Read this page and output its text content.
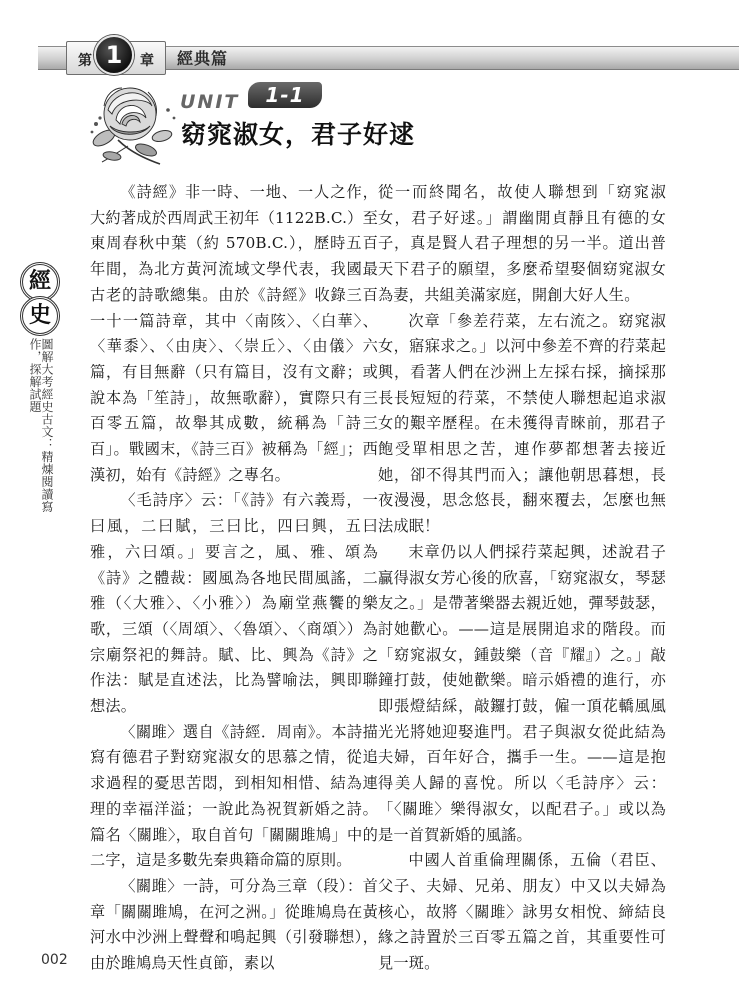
第	章
1	經典篇
UNIT	1-1
窈窕淑女，君子好逑
經
史
圖解大考經史古文：精煉閱讀寫作，探解試題

《詩經》非一時、一地、一人之作，大約著成於西周武王初年（1122B.C.）至東周春秋中葉（約 570B.C.），歷時五百年間，為北方黃河流域文學代表，我國最古老的詩歌總集。由於《詩經》收錄三百一十一篇詩章，其中〈南陔〉、〈白華〉、〈華黍〉、〈由庚〉、〈崇丘〉、〈由儀〉六篇，有目無辭（只有篇目，沒有文辭；或說本為「笙詩」，故無歌辭），實際只有三百零五篇，故舉其成數，統稱為「詩三百」。戰國末，《詩三百》被稱為「經」；西漢初，始有《詩經》之專名。

〈毛詩序〉云：「《詩》有六義焉，一曰風，二曰賦，三曰比，四曰興，五曰雅，六曰頌。」要言之，風、雅、頌為《詩》之體裁：國風為各地民間風謠，二雅（〈大雅〉、〈小雅〉）為廟堂燕饗的樂歌，三頌（〈周頌〉、〈魯頌〉、〈商頌〉）為宗廟祭祀的舞詩。賦、比、興為《詩》之作法：賦是直述法，比為譬喻法，興即聯想法。

〈關雎〉選自《詩經．周南》。本詩描寫有德君子對窈窕淑女的思慕之情，從追求過程的憂思苦悶，到相知相惜、結為連理的幸福洋溢；一說此為祝賀新婚之詩。篇名〈關雎〉，取自首句「關關雎鳩」中的二字，這是多數先秦典籍命篇的原則。

〈關雎〉一詩，可分為三章（段）：首章「關關雎鳩，在河之洲。」從雎鳩鳥在黃河水中沙洲上聲聲和鳴起興（引發聯想），由於雎鳩鳥天性貞節，素以

從一而終聞名，故使人聯想到「窈窕淑女，君子好逑。」謂幽閒貞靜且有德的女子，真是賢人君子理想的另一半。道出普天下君子的願望，多麼希望娶個窈窕淑女為妻，共組美滿家庭，開創大好人生。

次章「參差荇菜，左右流之。窈窕淑女，寤寐求之。」以河中參差不齊的荇菜起興，看著人們在沙洲上左採右採，摘採那長長短短的荇菜，不禁使人聯想起追求淑女的艱辛歷程。在未獲得青睞前，那君子飽受單相思之苦，連作夢都想著去接近她，卻不得其門而入；讓他朝思暮想，長夜漫漫，思念悠長，翻來覆去，怎麼也無法成眠！

末章仍以人們採荇菜起興，述說君子贏得淑女芳心後的欣喜，「窈窕淑女，琴瑟友之。」是帶著樂器去親近她，彈琴鼓瑟，討她歡心。——這是展開追求的階段。而「窈窕淑女，鍾鼓樂（音『耀』）之。」敲鐘打鼓，使她歡樂。暗示婚禮的進行，亦即張燈結綵，敲鑼打鼓，僱一頂花轎風風光光將她迎娶進門。君子與淑女從此結為夫婦，百年好合，攜手一生。——這是抱得美人歸的喜悅。所以〈毛詩序〉云：「〈關雎〉樂得淑女，以配君子。」或以為是一首賀新婚的風謠。

中國人首重倫理關係，五倫（君臣、父子、夫婦、兄弟、朋友）中又以夫婦為核心，故將〈關雎〉詠男女相悅、締結良緣之詩置於三百零五篇之首，其重要性可見一斑。

002
